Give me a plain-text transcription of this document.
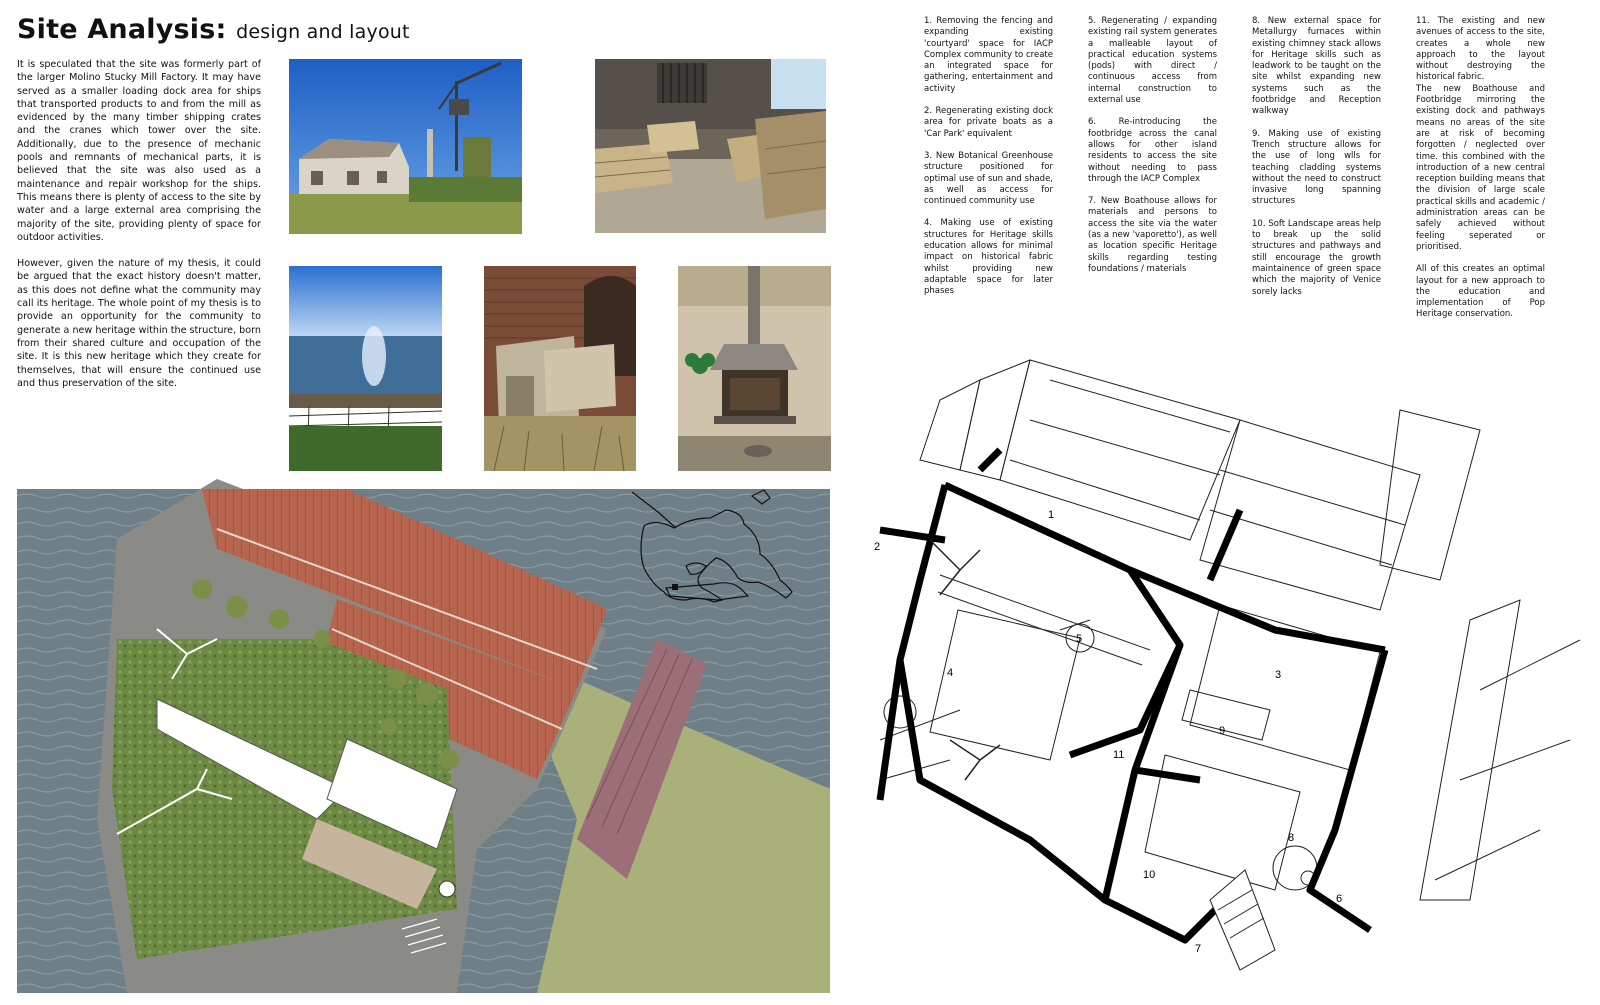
Site Analysis: design and layout

It is speculated that the site was formerly part of the larger Molino Stucky Mill Factory. It may have served as a smaller loading dock area for ships that transported products to and from the mill as evidenced by the many timber shipping crates and the cranes which tower over the site. Additionally, due to the presence of mechanic pools and remnants of mechanical parts, it is believed that the site was also used as a maintenance and repair workshop for the ships. This means there is plenty of access to the site by water and a large external area comprising the majority of the site, providing plenty of space for outdoor activities.

However, given the nature of my thesis, it could be argued that the exact history doesn't matter, as this does not define what the community may call its heritage. The whole point of my thesis is to provide an opportunity for the community to generate a new heritage within the structure, born from their shared culture and occupation of the site. It is this new heritage which they create for themselves, that will ensure the continued use and thus preservation of the site.

1. Removing the fencing and expanding existing 'courtyard' space for IACP Complex community to create an integrated space for gathering, entertainment and activity

2. Regenerating existing dock area for private boats as a 'Car Park' equivalent

3. New Botanical Greenhouse structure positioned for optimal use of sun and shade, as well as access for continued community use

4. Making use of existing structures for Heritage skills education allows for minimal impact on historical fabric whilst providing new adaptable space for later phases

5. Regenerating / expanding existing rail system generates a malleable layout of practical education systems (pods) with direct / continuous access from internal construction to external use

6. Re-introducing the footbridge across the canal allows for other island residents to access the site without needing to pass through the IACP Complex

7. New Boathouse allows for materials and persons to access the site via the water (as a new 'vaporetto'), as well as location specific Heritage skills regarding testing foundations / materials

8. New external space for Metallurgy furnaces within existing chimney stack allows for Heritage skills such as leadwork to be taught on the site whilst expanding new systems such as the footbridge and Reception walkway

9. Making use of existing Trench structure allows for the use of long wlls for teaching cladding systems without the need to construct invasive long spanning structures

10. Soft Landscape areas help to break up the solid structures and pathways and still encourage the growth maintainence of green space which the majority of Venice sorely lacks

11. The existing and new avenues of access to the site, creates a whole new approach to the layout without destroying the historical fabric.

The new Boathouse and Footbridge mirroring the existing dock and pathways means no areas of the site are at risk of becoming forgotten / neglected over time. this combined with the introduction of a new central reception building means that the division of large scale practical skills and academic / administration areas can be safely achieved without feeling seperated or prioritised.

All of this creates an optimal layout for a new approach to the education and implementation of Pop Heritage conservation.

1
2
3
4
5
6
7
8
9
10
11
